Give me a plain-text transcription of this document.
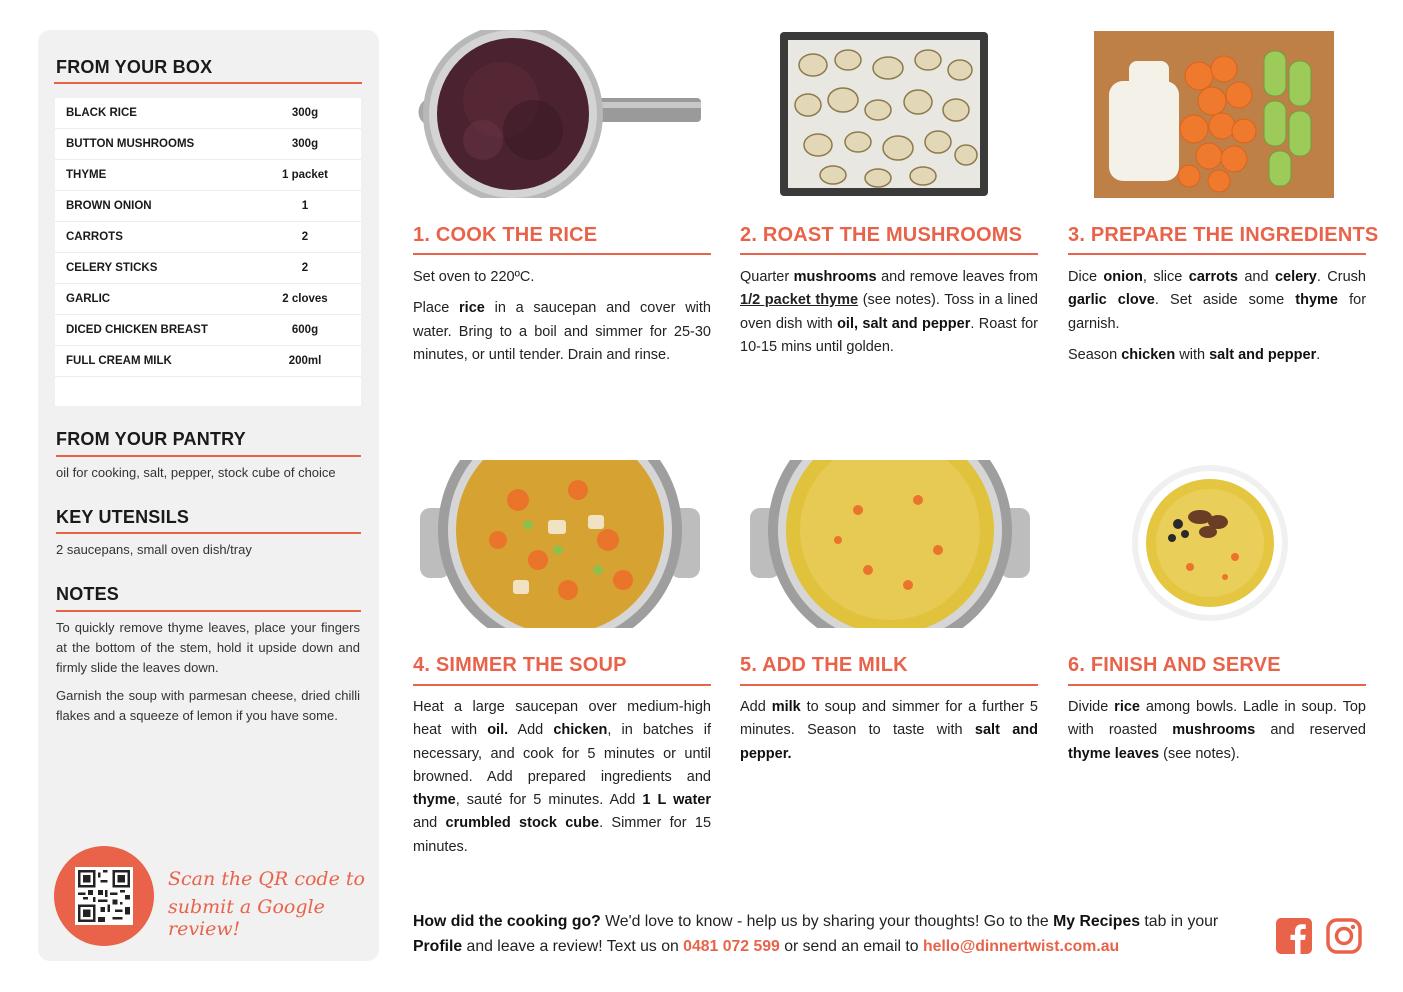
FROM YOUR BOX
BLACK RICE	300g
BUTTON MUSHROOMS	300g
THYME	1 packet
BROWN ONION	1
CARROTS	2
CELERY STICKS	2
GARLIC	2 cloves
DICED CHICKEN BREAST	600g
FULL CREAM MILK	200ml
FROM YOUR PANTRY
oil for cooking, salt, pepper, stock cube of choice
KEY UTENSILS
2 saucepans, small oven dish/tray
NOTES
To quickly remove thyme leaves, place your fingers at the bottom of the stem, hold it upside down and firmly slide the leaves down.
Garnish the soup with parmesan cheese, dried chilli flakes and a squeeze of lemon if you have some.
Scan the QR code to
submit a Google review!
1. COOK THE RICE

Set oven to 220ºC.

Place rice in a saucepan and cover with water. Bring to a boil and simmer for 25-30 minutes, or until tender. Drain and rinse.

2. ROAST THE MUSHROOMS

Quarter mushrooms and remove leaves from 1/2 packet thyme (see notes). Toss in a lined oven dish with oil, salt and pepper. Roast for 10-15 mins until golden.

3. PREPARE THE INGREDIENTS

Dice onion, slice carrots and celery. Crush garlic clove. Set aside some thyme for garnish.

Season chicken with salt and pepper.

4. SIMMER THE SOUP

Heat a large saucepan over medium-high heat with oil. Add chicken, in batches if necessary, and cook for 5 minutes or until browned. Add prepared ingredients and thyme, sauté for 5 minutes. Add 1 L water and crumbled stock cube. Simmer for 15 minutes.

5. ADD THE MILK

Add milk to soup and simmer for a further 5 minutes. Season to taste with salt and pepper.

6. FINISH AND SERVE

Divide rice among bowls. Ladle in soup. Top with roasted mushrooms and reserved thyme leaves (see notes).

How did the cooking go? We'd love to know - help us by sharing your thoughts! Go to the My Recipes tab in your Profile and leave a review! Text us on 0481 072 599 or send an email to hello@dinnertwist.com.au
